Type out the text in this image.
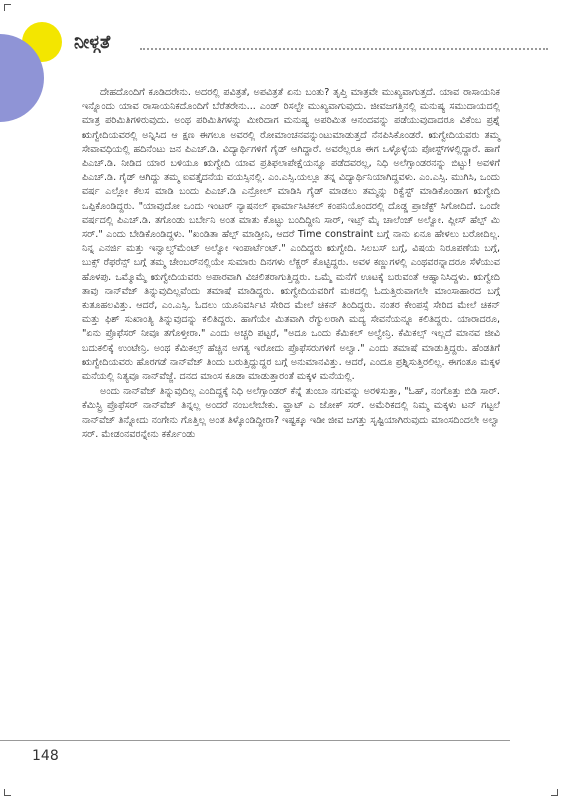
ನೀಳ್ಗತೆ

ದೇಹದೊಂದಿಗೆ ಕೂಡಿದರೇನು. ಅದರಲ್ಲಿ ಪವಿತ್ರತೆ, ಅಪವಿತ್ರತೆ ಏನು ಬಂತು? ತೃಪ್ತಿ ಮಾತ್ರವೇ ಮುಖ್ಯವಾಗುತ್ತದೆ. ಯಾವ ರಾಸಾಯನಿಕ ಇನ್ನೊಂದು ಯಾವ ರಾಸಾಯನಿಕದೊಂದಿಗೆ ಬೆರೆತರೇನು... ಎಂಡ್ ರಿಸಲ್ಟೇ ಮುಖ್ಯವಾಗುವುದು. ಜೀವಜಗತ್ತಿನಲ್ಲಿ ಮನುಷ್ಯ ಸಮುದಾಯದಲ್ಲಿ ಮಾತ್ರ ಪರಿಮಿತಿಗಳಿರುವುದು. ಅಂಥ ಪರಿಮಿತಿಗಳನ್ನು ಮೀರಿದಾಗ ಮನುಷ್ಯ ಅಪರಿಮಿತ ಆನಂದವನ್ನು ಪಡೆಯುವುದಾದರೂ ವಿಕೆಂಬ ಪ್ರಶ್ನೆ ಋಗ್ವೇದಿಯವರಲ್ಲಿ ಅನ್ನಿಸಿದ ಆ ಕ್ಷಣ ಈಗಲೂ ಅವರಲ್ಲಿ ರೋಮಾಂಚನವನ್ನುಂಟುಮಾಡುತ್ತದೆ ನೆನಪಿಸಿಕೊಂಡರೆ. ಋಗ್ವೇದಿಯವರು ತಮ್ಮ ಸೇವಾವಧಿಯಲ್ಲಿ ಹದಿನೆಂಟು ಜನ ಪಿಎಚ್.ಡಿ. ವಿದ್ಯಾರ್ಥಿಗಳಿಗೆ ಗೈಡ್ ಆಗಿದ್ದಾರೆ. ಅವರೆಲ್ಲರೂ ಈಗ ಒಳ್ಳೊಳ್ಳೆಯ ಪೋಸ್ಟ್‌ಗಳಲ್ಲಿದ್ದಾರೆ. ಹಾಗೆ ಪಿಎಚ್.ಡಿ. ನೀಡಿದ ಯಾರ ಬಳಿಯೂ ಋಗ್ವೇದಿ ಯಾವ ಪ್ರತಿಫಲಾಪೇಕ್ಷೆಯನ್ನೂ ಪಡೆದವರಲ್ಲ, ನಿಧಿ ಅಲೆಗ್ಸಾಂಡರನನ್ನು ಬಿಟ್ಟು! ಅವಳಿಗೆ ಪಿಎಚ್.ಡಿ. ಗೈಡ್ ಆಗಿದ್ದು ತಮ್ಮ ಐವತ್ತೈದನೆಯ ವಯಸ್ಸಿನಲ್ಲಿ. ಎಂ.ಎಸ್ಸಿ.ಯಲ್ಲೂ ತನ್ನ ವಿದ್ಯಾರ್ಥಿನಿಯಾಗಿದ್ದವಳು. ಎಂ.ಎಸ್ಸಿ. ಮುಗಿಸಿ, ಒಂದು ವರ್ಷ ಎಲ್ಲೋ ಕೆಲಸ ಮಾಡಿ ಬಂದು ಪಿಎಚ್.ಡಿ ಎನ್ರೋಲ್ ಮಾಡಿಸಿ ಗೈಡ್ ಮಾಡಲು ತಮ್ಮನ್ನು ರಿಕ್ವೆಸ್ಟ್ ಮಾಡಿಕೊಂಡಾಗ ಋಗ್ವೇದಿ ಒಪ್ಪಿಕೊಂಡಿದ್ದರು. "ಯಾವುದೋ ಒಂದು ಇಂಟರ್ ನ್ಯಾಷನಲ್ ಫಾರ್ಮಾಸಿಟಿಕಲ್ ಕಂಪನಿಯೊಂದರಲ್ಲಿ ದೊಡ್ಡ ಪ್ರಾಜೆಕ್ಟ್ ಸಿಗೋದಿದೆ. ಒಂದೇ ವರ್ಷದಲ್ಲಿ ಪಿಎಚ್.ಡಿ. ತಗೊಂಡು ಬರ್ಬೇನಿ ಅಂತ ಮಾತು ಕೊಟ್ಟು ಬಂದಿದ್ದೀನಿ ಸಾರ್, ಇಟ್ಸ್ ಮೈ ಚಾಲೆಂಜ್ ಅಲ್ವೋ. ಪ್ಲೀಸ್ ಹೆಲ್ಪ್ ಮಿ ಸರ್." ಎಂದು ಬೇಡಿಕೊಂಡಿದ್ದಳು. "ಖಂಡಿತಾ ಹೆಲ್ಪ್ ಮಾಡ್ತೀನಿ, ಆದರೆ Time constraint ಬಗ್ಗೆ ನಾನು ಏನೂ ಹೇಳಲು ಬರೋದಿಲ್ಲ. ನಿನ್ನ ಎನರ್ಜಿ ಮತ್ತು ಇನ್ವಾಲ್ವ್‌ಮೆಂಟ್ ಅಲ್ವೋ ಇಂಪಾರ್ಟೆಂಟ್." ಎಂದಿದ್ದರು ಋಗ್ವೇದಿ. ಸಿಲಬಸ್ ಬಗ್ಗೆ, ವಿಷಯ ನಿರೂಪಣೆಯ ಬಗ್ಗೆ, ಬುಕ್ಸ್ ರೆಫರೆನ್ಸ್ ಬಗ್ಗೆ ತಮ್ಮ ಚೇಂಬರ್‌ನಲ್ಲಿಯೇ ಸುಮಾರು ದಿನಗಳು ಲೆಕ್ಚರ್ ಕೊಟ್ಟಿದ್ದರು. ಅವಳ ಕಣ್ಣುಗಳಲ್ಲಿ ಎಂಥವರನ್ನಾದರೂ ಸೆಳೆಯುವ ಹೊಳಪು. ಒಮ್ಮೊಮ್ಮೆ ಋಗ್ವೇದಿಯವರು ಅಪಾರವಾಗಿ ವಿಚಲಿತರಾಗುತ್ತಿದ್ದರು. ಒಮ್ಮೆ ಮನೆಗೆ ಊಟಕ್ಕೆ ಬರುವಂತೆ ಆಹ್ವಾನಿಸಿದ್ದಳು. ಋಗ್ವೇದಿ ತಾವು ನಾನ್‌ವೆಜ್ ತಿನ್ನುವುದಿಲ್ಲವೆಂದು ತಮಾಷೆ ಮಾಡಿದ್ದರು. ಋಗ್ವೇದಿಯವರಿಗೆ ಮಠದಲ್ಲಿ ಓದುತ್ತಿರುವಾಗಲೇ ಮಾಂಸಾಹಾರದ ಬಗ್ಗೆ ಕುತೂಹಲವಿತ್ತು. ಆದರೆ, ಎಂ.ಎಸ್ಸಿ. ಓದಲು ಯೂನಿವರ್ಸಿಟಿ ಸೇರಿದ ಮೇಲೆ ಚಿಕನ್ ತಿಂದಿದ್ದರು. ನಂತರ ಕೇಂಪಸ್ಸೆ ಸೇರಿದ ಮೇಲೆ ಚಿಕನ್ ಮತ್ತು ಫಿಶ್ ಸುಖಾಂತ್ಯಿ ತಿನ್ನುವುದನ್ನು ಕಲಿತಿದ್ದರು. ಹಾಗೆಯೇ ಮಿತವಾಗಿ ರೆಗ್ಯುಲರಾಗಿ ಮದ್ಯ ಸೇವನೆಯನ್ನೂ ಕಲಿತಿದ್ದರು. ಯಾರಾದರೂ, "ಏನು ಪ್ರೊಫೆಸರ್ ನೀವೂ ತಗೊಳ್ತೀರಾ." ಎಂದು ಅಚ್ಚರಿ ಪಟ್ಟರೆ, "ಅದೂ ಒಂದು ಕೆಮಿಕಲ್ ಅಲ್ವೇನ್ರಿ. ಕೆಮಿಕಲ್ಸ್ ಇಲ್ಲದೆ ಮಾನವ ಜೀವಿ ಬದುಕಲಿಕ್ಕೆ ಉಂಟೇನ್ರಿ. ಅಂಥ ಕೆಮಿಕಲ್ಸ್ ಹೆಚ್ಚಿನ ಅಗತ್ಯ ಇರೋದು ಪ್ರೊಫೆಸರುಗಳಿಗೆ ಅಲ್ವಾ." ಎಂದು ತಮಾಷೆ ಮಾಡುತ್ತಿದ್ದರು. ಹೆಂಡತಿಗೆ ಋಗ್ವೇದಿಯವರು ಹೊರಗಡೆ ನಾನ್‌ವೆಜ್ ತಿಂದು ಬರುತ್ತಿದ್ದುದ್ದರ ಬಗ್ಗೆ ಅನುಮಾನವಿತ್ತು. ಆದರೆ, ಎಂದೂ ಪ್ರಶ್ನಿಸುತ್ತಿರಲಿಲ್ಲ. ಈಗಂತೂ ಮಕ್ಕಳ ಮನೆಯಲ್ಲಿ ನಿತ್ಯವೂ ನಾನ್‌ವೆಜ್ಜೆ. ದನದ ಮಾಂಸ ಕೂಡಾ ಮಾಡುತ್ತಾರಂತೆ ಮಕ್ಕಳ ಮನೆಯಲ್ಲಿ.

ಅಂದು ನಾನ್‌ವೆಜ್ ತಿನ್ನುವುದಿಲ್ಲ ಎಂದಿದ್ದಕ್ಕೆ ನಿಧಿ ಅಲೆಗ್ಸಾಂಡರ್ ಕೆನ್ನೆ ತುಂಬಾ ನಗುವನ್ನು ಅರಳಿಸುತ್ತಾ, "ಓಹ್, ನಂಗೊತ್ತು ಬಿಡಿ ಸಾರ್. ಕೆಮಿಸ್ಟ್ರಿ ಪ್ರೊಫೆಸರ್ ನಾನ್‌ವೆಜ್ ತಿನ್ನಲ್ಲ ಅಂದರೆ ನಂಬಲೇಬೇಕು. ವ್ಹಾಟ್ ಎ ಜೋಕ್ ಸರ್. ಅಮೆರಿಕದಲ್ಲಿ ನಿಮ್ಮ ಮಕ್ಕಳು ಟನ್ ಗಟ್ಟಲೆ ನಾನ್‌ವೆಜ್ ತಿನ್ನೋದು ನಂಗೇನು ಗೊತ್ತಿಲ್ಲ ಅಂತ ತಿಳ್ಕೊಂಡಿದ್ದೀರಾ? ಇಷ್ಟಕ್ಕೂ ಇಡೀ ಜೀವ ಜಗತ್ತು ಸೃಷ್ಟಿಯಾಗಿರುವುದು ಮಾಂಸದಿಂದಲೇ ಅಲ್ವಾ ಸರ್. ಮೇಡಂನವರನ್ನೇನು ಕರ್ಕೊಂಡು

148
